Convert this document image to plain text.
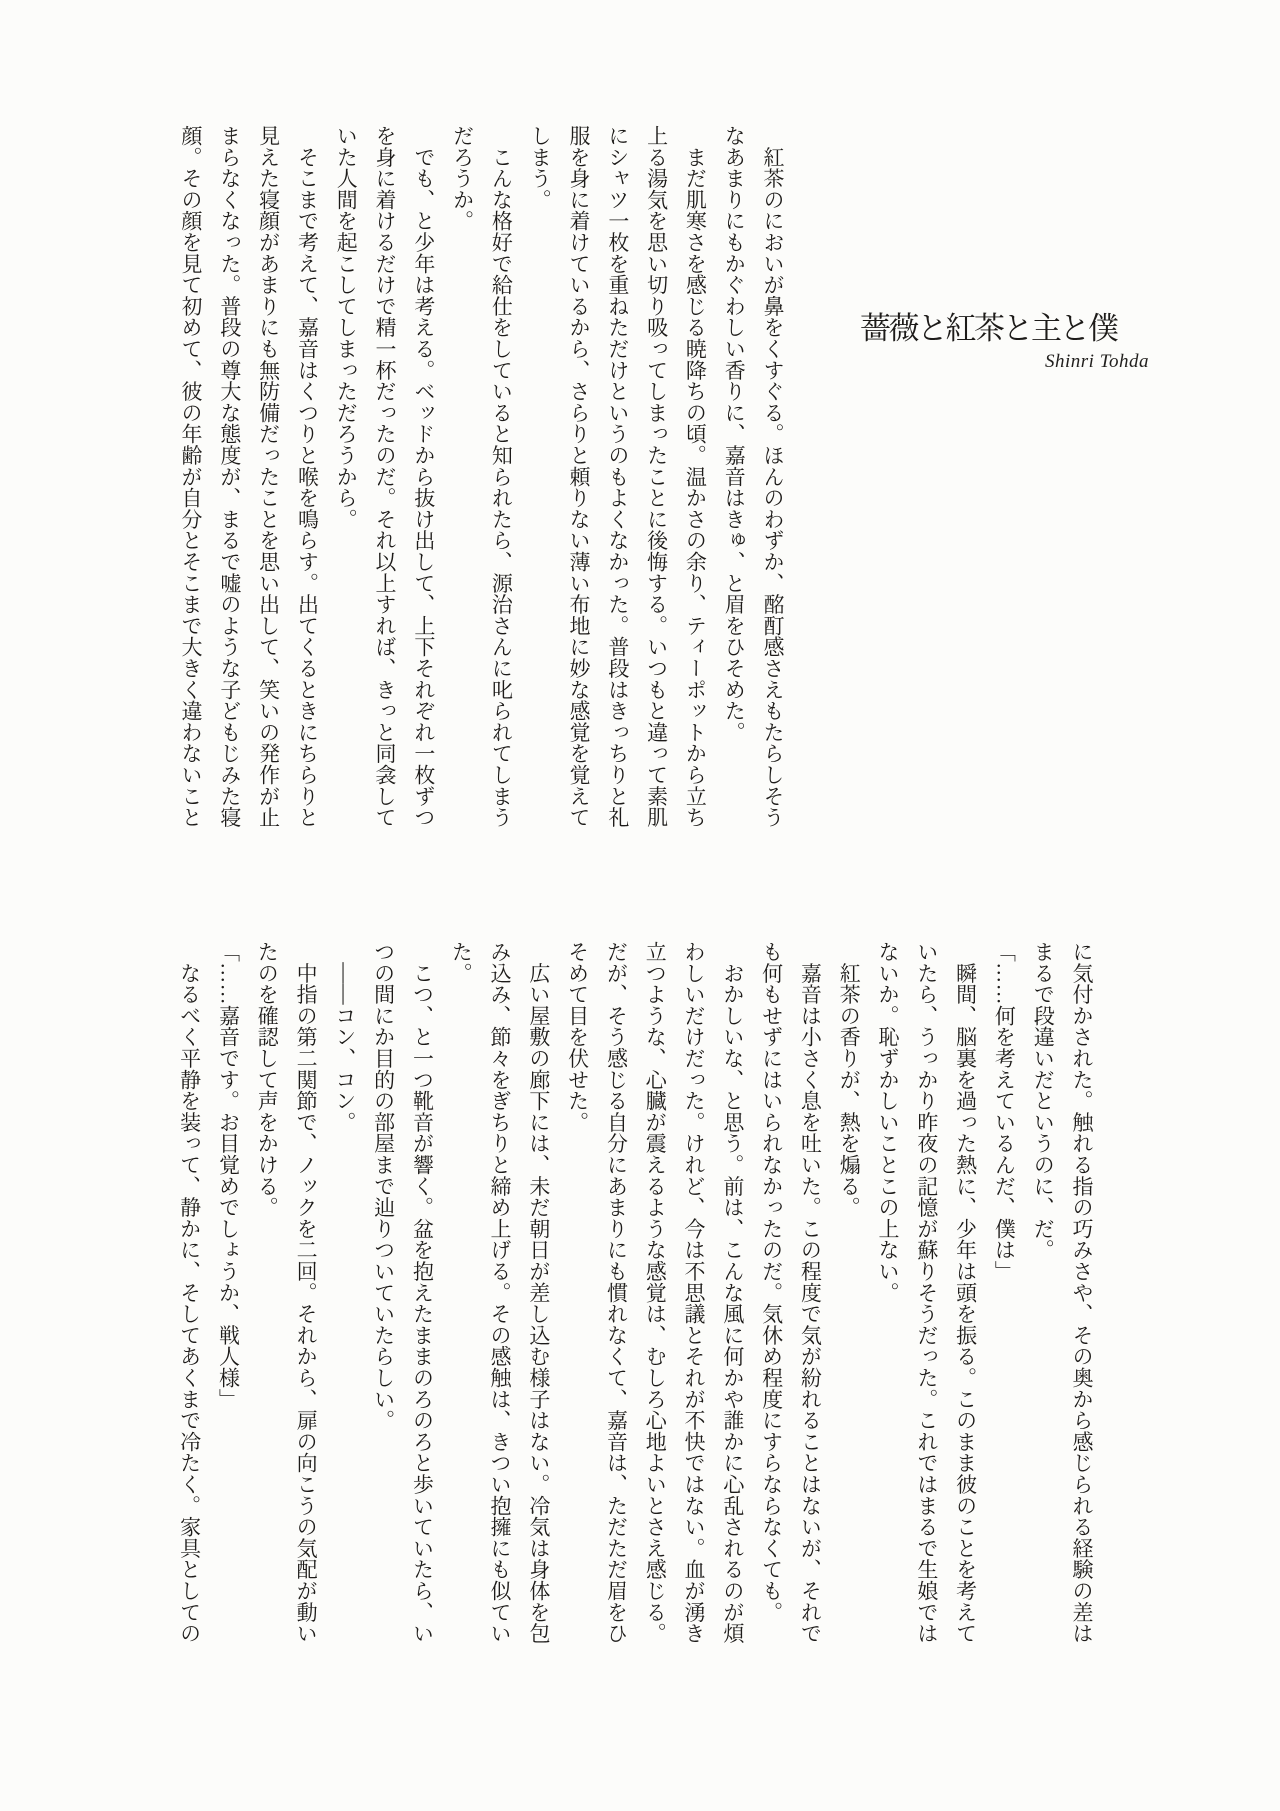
薔薇と紅茶と主と僕
Shinri Tohda
　紅茶のにおいが鼻をくすぐる。ほんのわずか、酩酊感さえもたらしそう
なあまりにもかぐわしい香りに、嘉音はきゅ、と眉をひそめた。
　まだ肌寒さを感じる暁降ちの頃。温かさの余り、ティーポットから立ち
上る湯気を思い切り吸ってしまったことに後悔する。いつもと違って素肌
にシャツ一枚を重ねただけというのもよくなかった。普段はきっちりと礼
服を身に着けているから、さらりと頼りない薄い布地に妙な感覚を覚えて
しまう。
　こんな格好で給仕をしていると知られたら、源治さんに叱られてしまう
だろうか。
　でも、と少年は考える。ベッドから抜け出して、上下それぞれ一枚ずつ
を身に着けるだけで精一杯だったのだ。それ以上すれば、きっと同衾して
いた人間を起こしてしまっただろうから。
　そこまで考えて、嘉音はくつりと喉を鳴らす。出てくるときにちらりと
見えた寝顔があまりにも無防備だったことを思い出して、笑いの発作が止
まらなくなった。普段の尊大な態度が、まるで嘘のような子どもじみた寝
顔。その顔を見て初めて、彼の年齢が自分とそこまで大きく違わないこと
に気付かされた。触れる指の巧みさや、その奥から感じられる経験の差は
まるで段違いだというのに、だ。
「……何を考えているんだ、僕は」
　瞬間、脳裏を過った熱に、少年は頭を振る。このまま彼のことを考えて
いたら、うっかり昨夜の記憶が蘇りそうだった。これではまるで生娘では
ないか。恥ずかしいことこの上ない。
　紅茶の香りが、熱を煽る。
　嘉音は小さく息を吐いた。この程度で気が紛れることはないが、それで
も何もせずにはいられなかったのだ。気休め程度にすらならなくても。
　おかしいな、と思う。前は、こんな風に何かや誰かに心乱されるのが煩
わしいだけだった。けれど、今は不思議とそれが不快ではない。血が湧き
立つような、心臓が震えるような感覚は、むしろ心地よいとさえ感じる。
だが、そう感じる自分にあまりにも慣れなくて、嘉音は、ただただ眉をひ
そめて目を伏せた。
　広い屋敷の廊下には、未だ朝日が差し込む様子はない。冷気は身体を包
み込み、節々をぎちりと締め上げる。その感触は、きつい抱擁にも似てい
た。
　こつ、と一つ靴音が響く。盆を抱えたままのろのろと歩いていたら、い
つの間にか目的の部屋まで辿りついていたらしい。
　――コン、コン。
　中指の第二関節で、ノックを二回。それから、扉の向こうの気配が動い
たのを確認して声をかける。
「……嘉音です。お目覚めでしょうか、戦人様」
　なるべく平静を装って、静かに、そしてあくまで冷たく。家具としての
